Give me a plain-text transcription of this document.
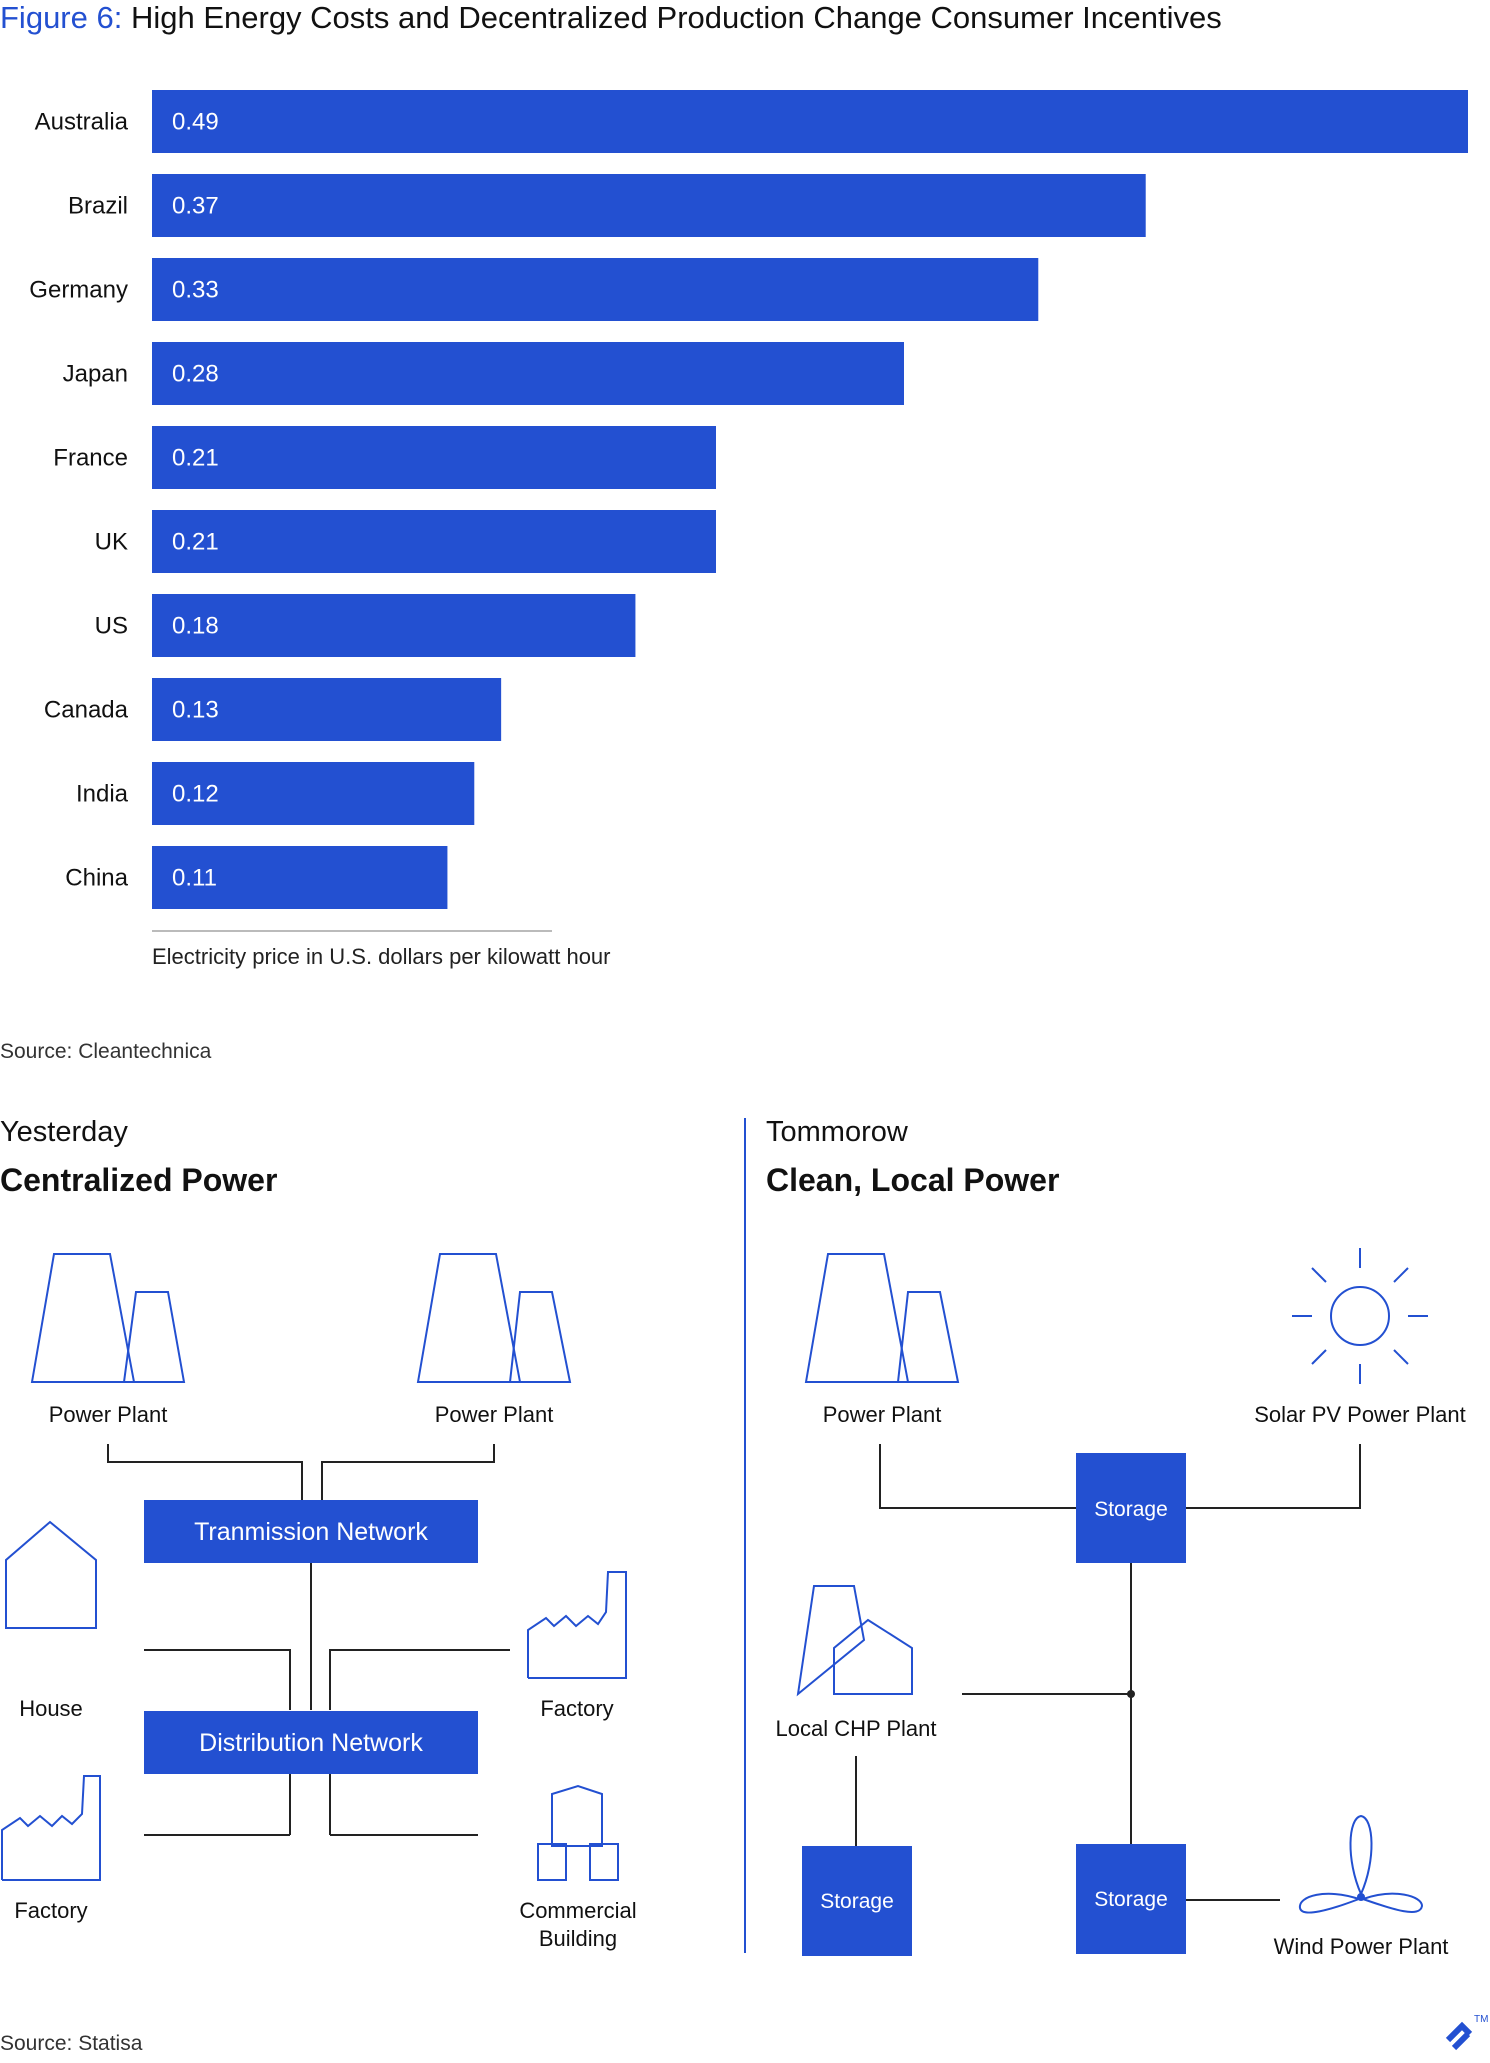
Figure 6: High Energy Costs and Decentralized Production Change Consumer Incentives
Australia 0.49
Brazil 0.37
Germany 0.33
Japan 0.28
France 0.21
UK 0.21
US 0.18
Canada 0.13
India 0.12
China 0.11
Electricity price in U.S. dollars per kilowatt hour
Source: Cleantechnica
Yesterday
Centralized Power
Tommorow
Clean, Local Power
Power Plant	Power Plant
House	Factory
Factory	Commercial
Building
Power Plant	Solar PV Power Plant
Local CHP Plant
Wind Power Plant
Tranmission Network
Distribution Network
Storage
Storage	Storage
Source: Statisa
TM
